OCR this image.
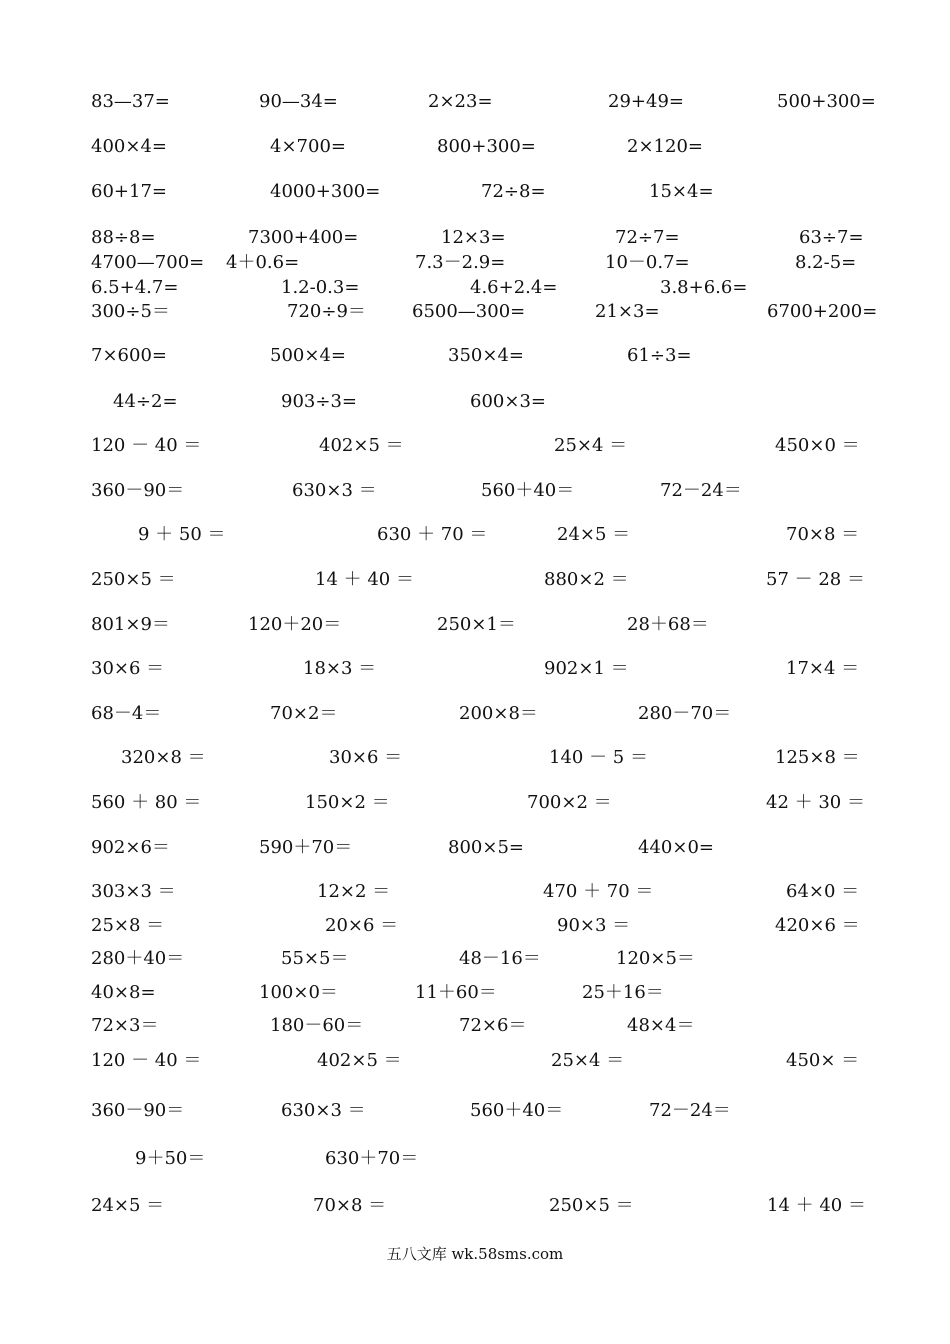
83—37=	90—34=	2×23=	29+49=	500+300=
400×4=	4×700=	800+300=	2×120=
60+17=	4000+300=	72÷8=	15×4=
88÷8=	7300+400=	12×3=	72÷7=	63÷7=
4700—700= 4＋0.6=	7.3－2.9=	10－0.7=	8.2-5=
6.5+4.7=	1.2-0.3=	4.6+2.4=	3.8+6.6=
300÷5＝	720÷9＝	6500—300=	21×3=	6700+200=
7×600=	500×4=	350×4=	61÷3=
44÷2=	903÷3=	600×3=
120 － 40 ＝	402×5 ＝	25×4 ＝	450×0 ＝
360－90＝	630×3 ＝	560＋40＝	72－24＝
9 ＋ 50 ＝	630 ＋ 70 ＝	24×5 ＝	70×8 ＝
250×5 ＝	14 ＋ 40 ＝	880×2 ＝	57 － 28 ＝
801×9＝	120＋20＝	250×1＝	28＋68＝
30×6 ＝	18×3 ＝	902×1 ＝	17×4 ＝
68－4＝	70×2＝	200×8＝	280－70＝
320×8 ＝	30×6 ＝	140 － 5 ＝	125×8 ＝
560 ＋ 80 ＝	150×2 ＝	700×2 ＝	42 ＋ 30 ＝
902×6＝	590＋70＝	800×5=	440×0=
303×3 ＝	12×2 ＝	470 ＋ 70 ＝	64×0 ＝
25×8 ＝	20×6 ＝	90×3 ＝	420×6 ＝
280＋40＝	55×5＝	48－16＝	120×5＝
40×8=	100×0＝	11＋60＝	25＋16＝
72×3＝	180－60＝	72×6＝	48×4＝
120 － 40 ＝	402×5 ＝	25×4 ＝	450× ＝
360－90＝	630×3 ＝	560＋40＝	72－24＝
9＋50＝	630＋70＝
24×5 ＝	70×8 ＝	250×5 ＝	14 ＋ 40 ＝
五八文库 wk.58sms.com
